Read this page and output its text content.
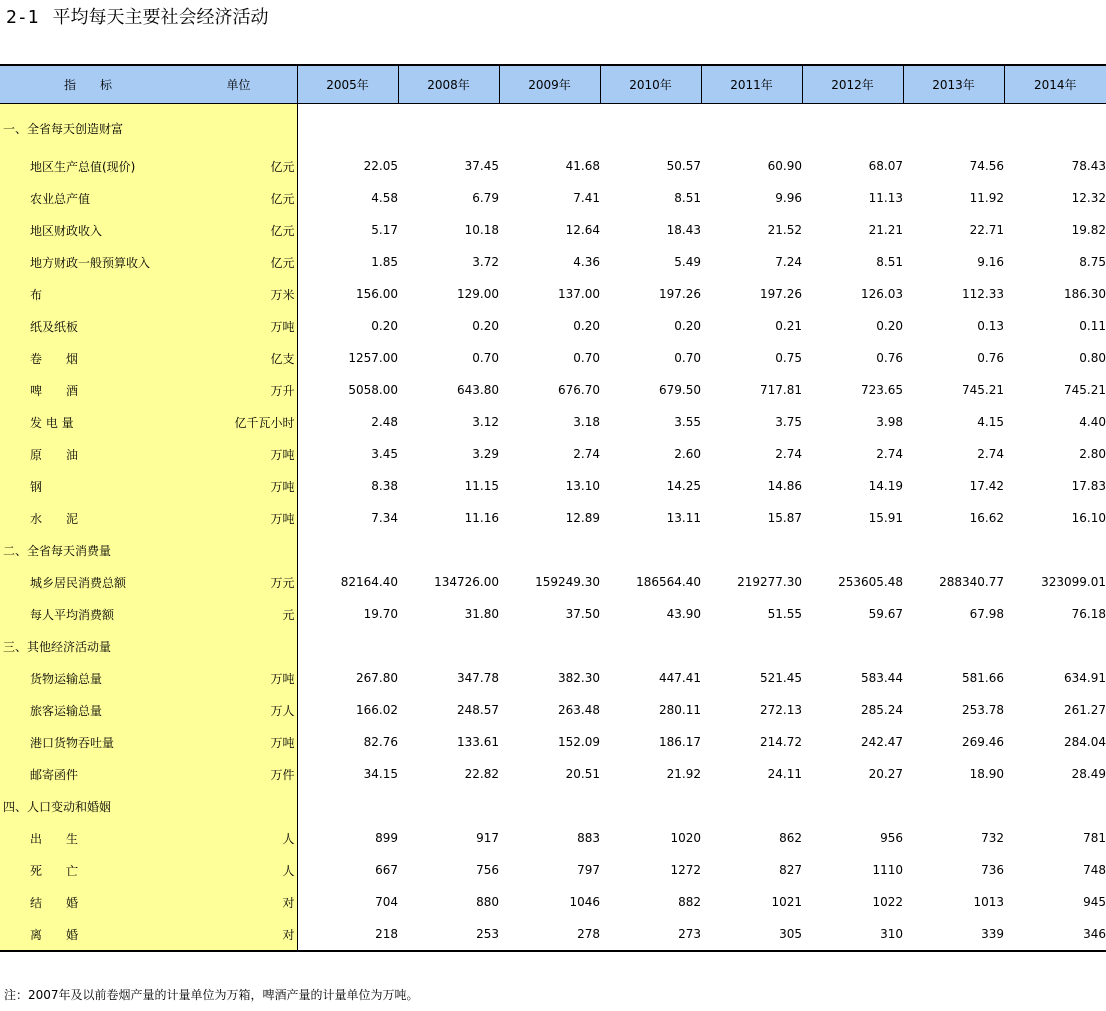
2-1 平均每天主要社会经济活动
指　　标 单位	2005年	2008年	2009年	2010年	2011年	2012年	2013年	2014年

一、全省每天创造财富								

地区生产总值(现价) 亿元	22.05	37.45	41.68	50.57	60.90	68.07	74.56	78.43

农业总产值 亿元	4.58	6.79	7.41	8.51	9.96	11.13	11.92	12.32

地区财政收入 亿元	5.17	10.18	12.64	18.43	21.52	21.21	22.71	19.82

地方财政一般预算收入 亿元	1.85	3.72	4.36	5.49	7.24	8.51	9.16	8.75

布 万米	156.00	129.00	137.00	197.26	197.26	126.03	112.33	186.30

纸及纸板 万吨	0.20	0.20	0.20	0.20	0.21	0.20	0.13	0.11

卷　　烟 亿支	1257.00	0.70	0.70	0.70	0.75	0.76	0.76	0.80

啤　　酒 万升	5058.00	643.80	676.70	679.50	717.81	723.65	745.21	745.21

发 电 量 亿千瓦小时	2.48	3.12	3.18	3.55	3.75	3.98	4.15	4.40

原　　油 万吨	3.45	3.29	2.74	2.60	2.74	2.74	2.74	2.80

钢 万吨	8.38	11.15	13.10	14.25	14.86	14.19	17.42	17.83

水　　泥 万吨	7.34	11.16	12.89	13.11	15.87	15.91	16.62	16.10

二、全省每天消费量								

城乡居民消费总额 万元	82164.40	134726.00	159249.30	186564.40	219277.30	253605.48	288340.77	323099.01

每人平均消费额 元	19.70	31.80	37.50	43.90	51.55	59.67	67.98	76.18

三、其他经济活动量								

货物运输总量 万吨	267.80	347.78	382.30	447.41	521.45	583.44	581.66	634.91

旅客运输总量 万人	166.02	248.57	263.48	280.11	272.13	285.24	253.78	261.27

港口货物吞吐量 万吨	82.76	133.61	152.09	186.17	214.72	242.47	269.46	284.04

邮寄函件 万件	34.15	22.82	20.51	21.92	24.11	20.27	18.90	28.49

四、人口变动和婚姻								

出　　生 人	899	917	883	1020	862	956	732	781

死　　亡 人	667	756	797	1272	827	1110	736	748

结　　婚 对	704	880	1046	882	1021	1022	1013	945

离　　婚 对	218	253	278	273	305	310	339	346
注：2007年及以前卷烟产量的计量单位为万箱，啤酒产量的计量单位为万吨。
